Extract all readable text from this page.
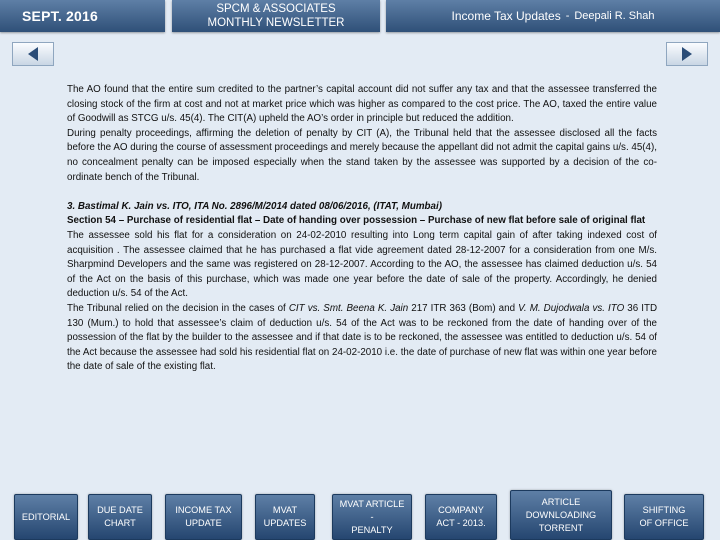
SEPT. 2016	SPCM & ASSOCIATES
MONTHLY NEWSLETTER	Income Tax Updates - Deepali R. Shah

The AO found that the entire sum credited to the partner’s capital account did not suffer any tax and that the assessee transferred the closing stock of the firm at cost and not at market price which was higher as compared to the cost price. The AO, taxed the entire value of Goodwill as STCG u/s. 45(4). The CIT(A) upheld the AO’s order in principle but reduced the addition.

During penalty proceedings, affirming the deletion of penalty by CIT (A), the Tribunal held that the assessee disclosed all the facts before the AO during the course of assessment proceedings and merely because the appellant did not admit the capital gains u/s. 45(4), no concealment penalty can be imposed especially when the stand taken by the assessee was supported by a decision of the co-ordinate bench of the Tribunal.

3. Bastimal K. Jain vs. ITO, ITA No. 2896/M/2014 dated 08/06/2016, (ITAT, Mumbai)

Section 54 – Purchase of residential flat – Date of handing over possession – Purchase of new flat before sale of original flat

The assessee sold his flat for a consideration on 24-02-2010 resulting into Long term capital gain of after taking indexed cost of acquisition . The assessee claimed that he has purchased a flat vide agreement dated 28-12-2007 for a consideration from one M/s. Sharpmind Developers and the same was registered on 28-12-2007. According to the AO, the assessee has claimed deduction u/s. 54 of the Act on the basis of this purchase, which was made one year before the date of sale of the property. Accordingly, he denied deduction u/s. 54 of the Act.

The Tribunal relied on the decision in the cases of CIT vs. Smt. Beena K. Jain 217 ITR 363 (Bom) and V. M. Dujodwala vs. ITO 36 ITD 130 (Mum.) to hold that assessee’s claim of deduction u/s. 54 of the Act was to be reckoned from the date of handing over of the possession of the flat by the builder to the assessee and if that date is to be reckoned, the assessee was entitled to deduction u/s. 54 of the Act because the assessee had sold his residential flat on 24-02-2010 i.e. the date of purchase of new flat was within one year before the date of sale of the existing flat.

EDITORIAL
DUE DATE
CHART
INCOME TAX
UPDATE
MVAT
UPDATES
MVAT ARTICLE -
PENALTY
COMPANY
ACT - 2013.
ARTICLE
DOWNLOADING
TORRENT
SHIFTING
OF OFFICE
